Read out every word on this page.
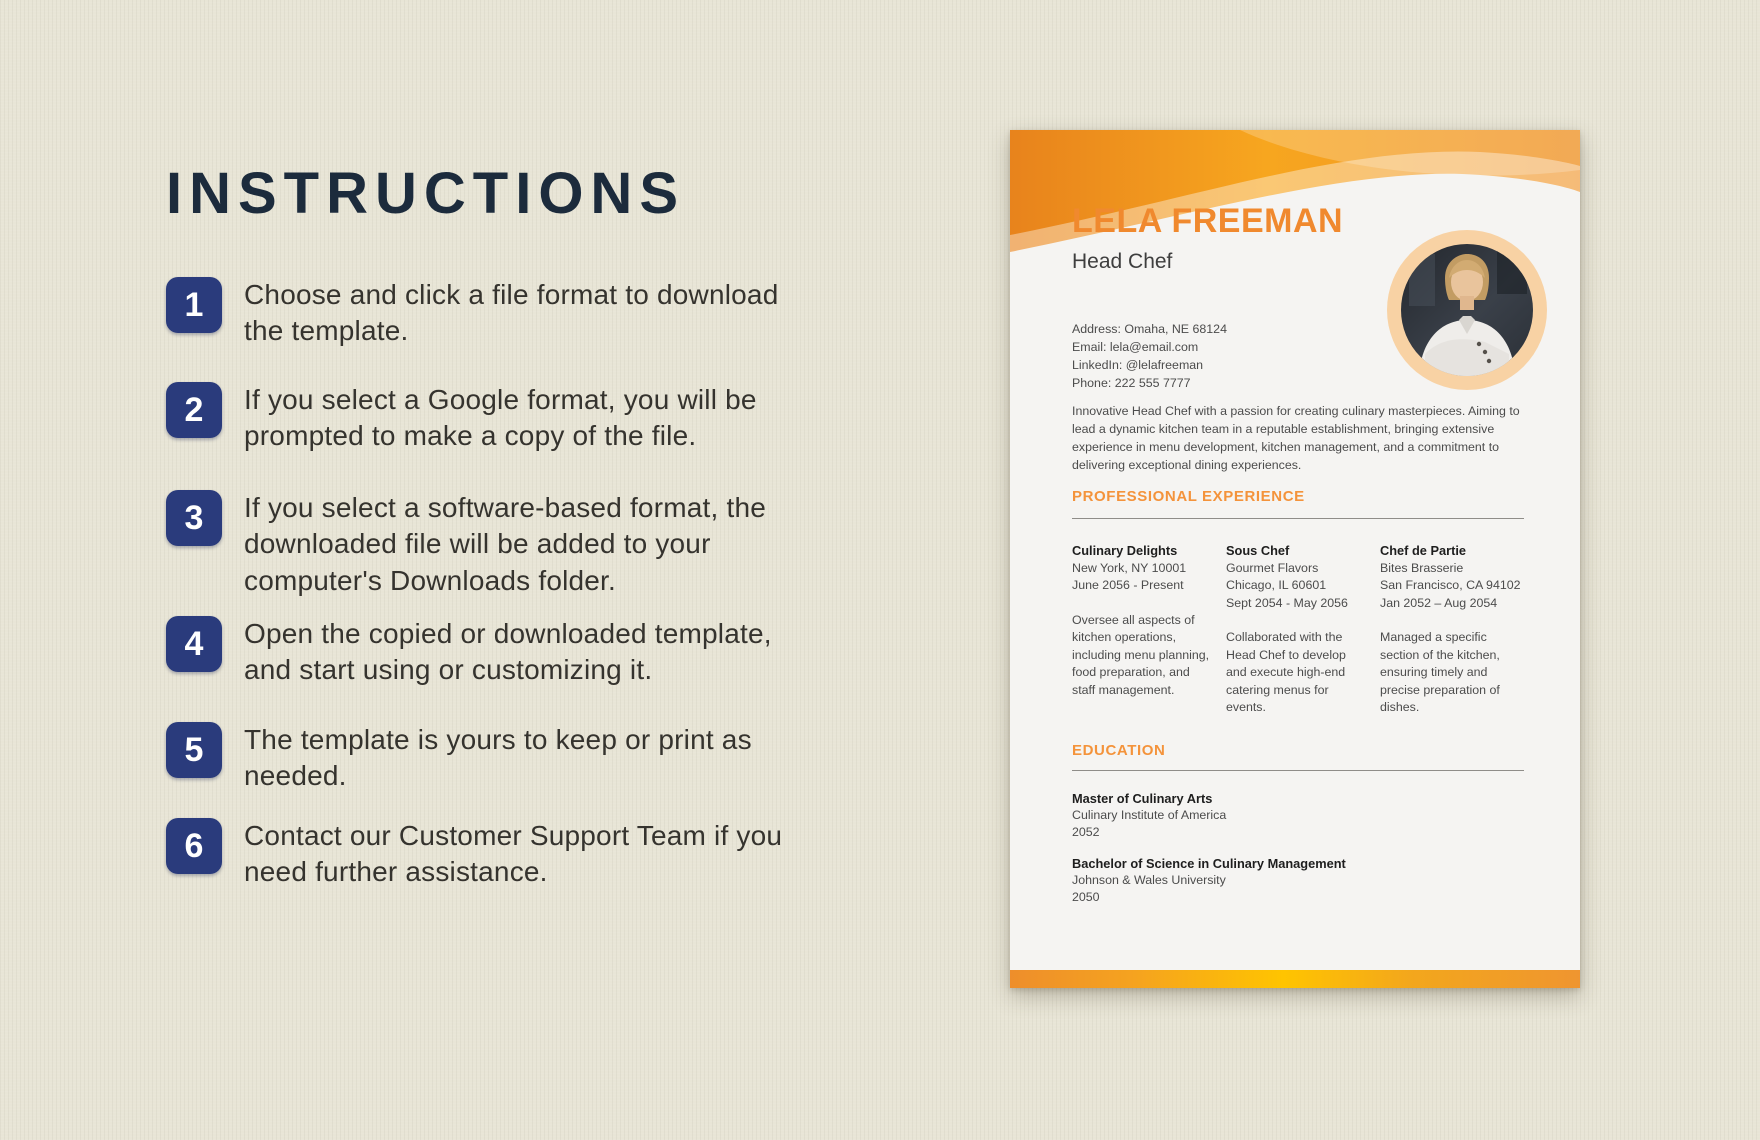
INSTRUCTIONS
1	Choose and click a file format to download the template.

2	If you select a Google format, you will be prompted to make a copy of the file.

3	If you select a software-based format, the downloaded file will be added to your computer's Downloads folder.

4	Open the copied or downloaded template, and start using or customizing it.

5	The template is yours to keep or print as needed.

6	Contact our Customer Support Team if you need further assistance.

LELA FREEMAN
Head Chef
Address: Omaha, NE 68124
Email: lela@email.com
LinkedIn: @lelafreeman
Phone: 222 555 7777

Innovative Head Chef with a passion for creating culinary masterpieces. Aiming to lead a dynamic kitchen team in a reputable establishment, bringing extensive experience in menu development, kitchen management, and a commitment to delivering exceptional dining experiences.

PROFESSIONAL EXPERIENCE
Culinary Delights
New York, NY 10001
June 2056 - Present

Oversee all aspects of kitchen operations, including menu planning, food preparation, and staff management.

Sous Chef
Gourmet Flavors
Chicago, IL 60601
Sept 2054 - May 2056

Collaborated with the Head Chef to develop and execute high-end catering menus for events.

Chef de Partie
Bites Brasserie
San Francisco, CA 94102
Jan 2052 – Aug 2054

Managed a specific section of the kitchen, ensuring timely and precise preparation of dishes.

EDUCATION
Master of Culinary Arts
Culinary Institute of America
2052
Bachelor of Science in Culinary Management
Johnson & Wales University
2050
